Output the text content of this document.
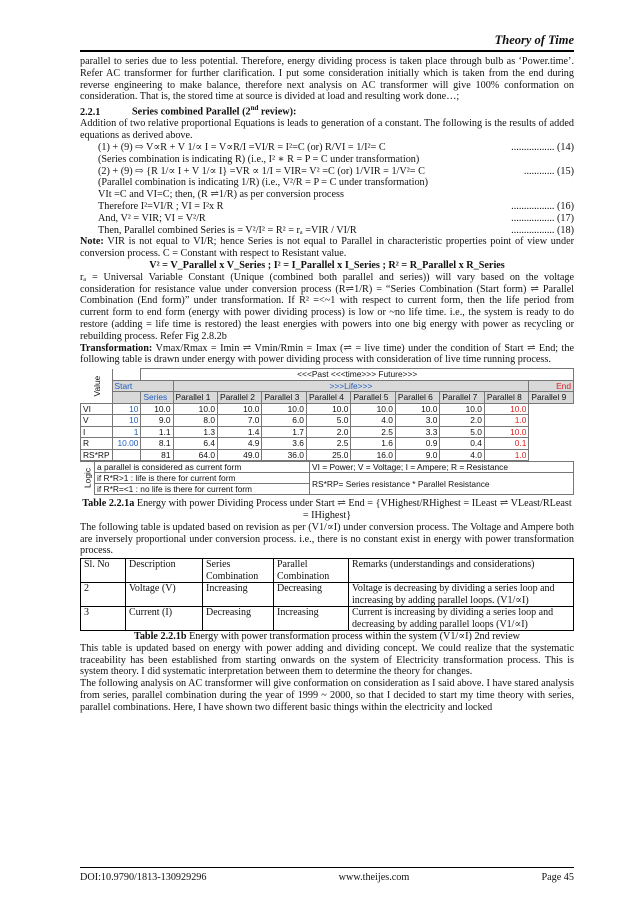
Theory of Time

parallel to series due to less potential. Therefore, energy dividing process is taken place through bulb as ‘Power.time’. Refer AC transformer for further clarification. I put some consideration initially which is taken from the end during reverse engineering to make balance, therefore next analysis on AC transformer will give 100% conformation on consideration. That is, the stored time at source is divided at load and resulting work done…;

2.2.1	Series combined Parallel (2nd review):

Addition of two relative proportional Equations is leads to generation of a constant. The following is the results of added equations as derived above.

(1) + (9) ⇨ V∝R + V 1/∝ I = V∝R/I =VI/R = I²=C (or) R/VI = 1/I²= C	................. (14)
(Series combination is indicating R) (i.e., I² ∗ R = P = C under transformation)
(2) + (9) ⇨ {R 1/∝ I + V 1/∝ I} =VR ∝ 1/I = VIR= V² =C (or) 1/VIR = 1/V²= C	............ (15)
(Parallel combination is indicating 1/R) (i.e., V²/R = P = C under transformation)
VIt =C and VI=C; then, (R ⇌1/R) as per conversion process
Therefore I²=VI/R ; VI = I²x R	................. (16)
And, V² = VIR; VI = V²/R	................. (17)
Then, Parallel combined Series is = V²/I² = R² = rₐ =VIR / VI/R	................. (18)

Note: VIR is not equal to VI/R; hence Series is not equal to Parallel in characteristic properties point of view under conversion process. C = Constant with respect to Resistant value.

V² = V_Parallel x V_Series ; I² = I_Parallel x I_Series ; R² = R_Parallel x R_Series

rₐ = Universal Variable Constant (Unique (combined both parallel and series)) will vary based on the voltage consideration for resistance value under conversion process (R⇌1/R) = “Series Combination (Start form) ⇌ Parallel Combination (End form)” under transformation. If R² =<~1 with respect to current form, then the life period from current form to end form (energy with power dividing process) is low or ~no life time. i.e., the system is ready to do restore (adding = life time is restored) the least energies with powers into one big energy with power as recycling or rebuilding process. Refer Fig 2.8.2b

Transformation: Vmax/Rmax = Imin ⇌ Vmin/Rmin = Imax (⇌ = live time) under the condition of Start ⇌ End; the following table is drawn under energy with power dividing process with consideration of live time running process.

Value		<<<Past <<<time>>> Future>>>									
	Start		>>>Life>>>								End
		Series	Parallel 1	Parallel 2	Parallel 3	Parallel 4	Parallel 5	Parallel 6	Parallel 7	Parallel 8	Parallel 9
VI	10	10.0	10.0	10.0	10.0	10.0	10.0	10.0	10.0	10.0	
V	10	9.0	8.0	7.0	6.0	5.0	4.0	3.0	2.0	1.0	
I	1	1.1	1.3	1.4	1.7	2.0	2.5	3.3	5.0	10.0	
R	10.00	8.1	6.4	4.9	3.6	2.5	1.6	0.9	0.4	0.1	
RS*RP		81	64.0	49.0	36.0	25.0	16.0	9.0	4.0	1.0	
Logic	a parallel is considered as current form	VI = Power; V = Voltage; I = Ampere; R = Resistance
	if R*R>1 : life is there for current form	RS*RP= Series resistance * Parallel Resistance
	if R*R=<1 : no life is there for current form	
Table 2.2.1a Energy with power Dividing Process under Start ⇌ End = {VHighest/RHighest = ILeast ⇌ VLeast/RLeast = IHighest}

The following table is updated based on revision as per (V1/∝I) under conversion process. The Voltage and Ampere both are inversely proportional under conversion process. i.e., there is no constant exist in energy with power transformation process.

Sl. No	Description	Series Combination	Parallel Combination	Remarks (understandings and considerations)
2	Voltage (V)	Increasing	Decreasing	Voltage is decreasing by dividing a series loop and increasing by adding parallel loops. (V1/∝I)
3	Current (I)	Decreasing	Increasing	Current is increasing by dividing a series loop and decreasing by adding parallel loops (V1/∝I)
Table 2.2.1b Energy with power transformation process within the system (V1/∝I) 2nd review

This table is updated based on energy with power adding and dividing concept. We could realize that the systematic traceability has been established from starting onwards on the system of Electricity transformation process. This is system theory. I did systematic interpretation between them to determine the theory for changes.

The following analysis on AC transformer will give conformation on consideration as I said above. I have stared analysis from series, parallel combination during the year of 1999 ~ 2000, so that I decided to start my time theory with series, parallel combinations. Here, I have shown two different basic things within the electricity and locked

DOI:10.9790/1813-130929296	www.theijes.com	Page 45
